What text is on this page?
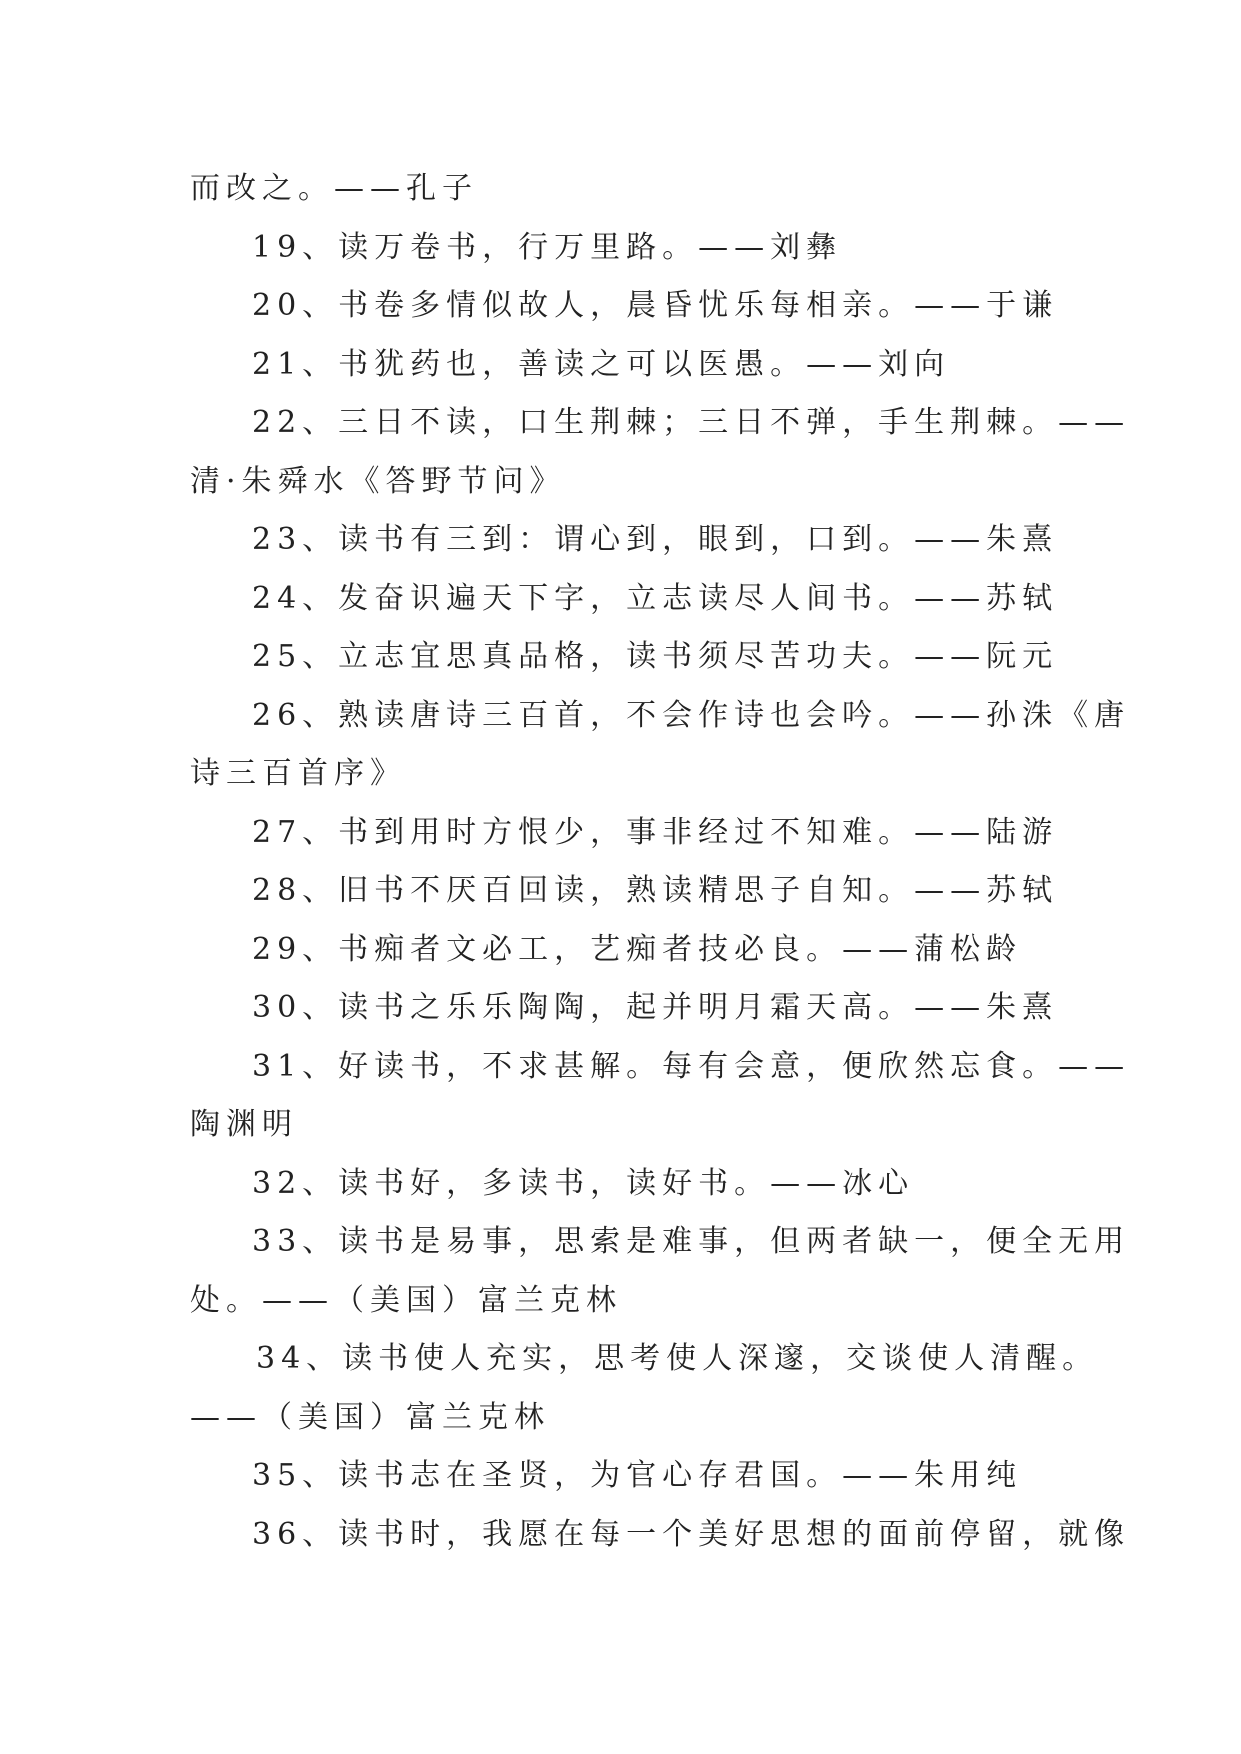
而改之。——孔子
19、读万卷书，行万里路。——刘彝
20、书卷多情似故人，晨昏忧乐每相亲。——于谦
21、书犹药也，善读之可以医愚。——刘向
22、三日不读，口生荆棘；三日不弹，手生荆棘。——
清·朱舜水《答野节问》
23、读书有三到：谓心到，眼到，口到。——朱熹
24、发奋识遍天下字，立志读尽人间书。——苏轼
25、立志宜思真品格，读书须尽苦功夫。——阮元
26、熟读唐诗三百首，不会作诗也会吟。——孙洙《唐
诗三百首序》
27、书到用时方恨少，事非经过不知难。——陆游
28、旧书不厌百回读，熟读精思子自知。——苏轼
29、书痴者文必工，艺痴者技必良。——蒲松龄
30、读书之乐乐陶陶，起并明月霜天高。——朱熹
31、好读书，不求甚解。每有会意，便欣然忘食。——
陶渊明
32、读书好，多读书，读好书。——冰心
33、读书是易事，思索是难事，但两者缺一，便全无用
处。——（美国）富兰克林
34、读书使人充实，思考使人深邃，交谈使人清醒。
——（美国）富兰克林
35、读书志在圣贤，为官心存君国。——朱用纯
36、读书时，我愿在每一个美好思想的面前停留，就像
